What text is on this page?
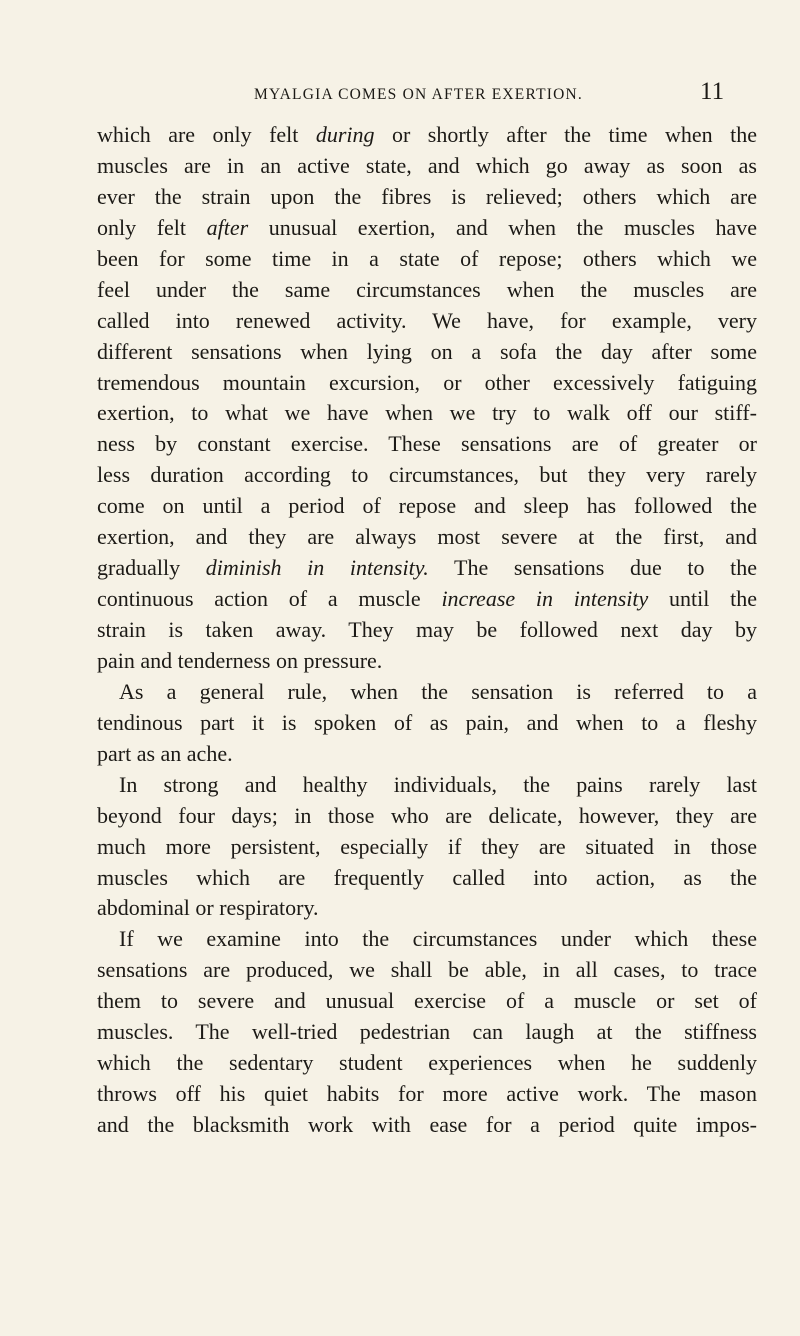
MYALGIA COMES ON AFTER EXERTION.	11
which are only felt during or shortly after the time when the
muscles are in an active state, and which go away as soon as
ever the strain upon the fibres is relieved; others which are
only felt after unusual exertion, and when the muscles have
been for some time in a state of repose; others which we
feel under the same circumstances when the muscles are
called into renewed activity. We have, for example, very
different sensations when lying on a sofa the day after some
tremendous mountain excursion, or other excessively fatiguing
exertion, to what we have when we try to walk off our stiff-
ness by constant exercise. These sensations are of greater or
less duration according to circumstances, but they very rarely
come on until a period of repose and sleep has followed the
exertion, and they are always most severe at the first, and
gradually diminish in intensity. The sensations due to the
continuous action of a muscle increase in intensity until the
strain is taken away. They may be followed next day by
pain and tenderness on pressure.
As a general rule, when the sensation is referred to a
tendinous part it is spoken of as pain, and when to a fleshy
part as an ache.
In strong and healthy individuals, the pains rarely last
beyond four days; in those who are delicate, however, they are
much more persistent, especially if they are situated in those
muscles which are frequently called into action, as the
abdominal or respiratory.
If we examine into the circumstances under which these
sensations are produced, we shall be able, in all cases, to trace
them to severe and unusual exercise of a muscle or set of
muscles. The well-tried pedestrian can laugh at the stiffness
which the sedentary student experiences when he suddenly
throws off his quiet habits for more active work. The mason
and the blacksmith work with ease for a period quite impos-
